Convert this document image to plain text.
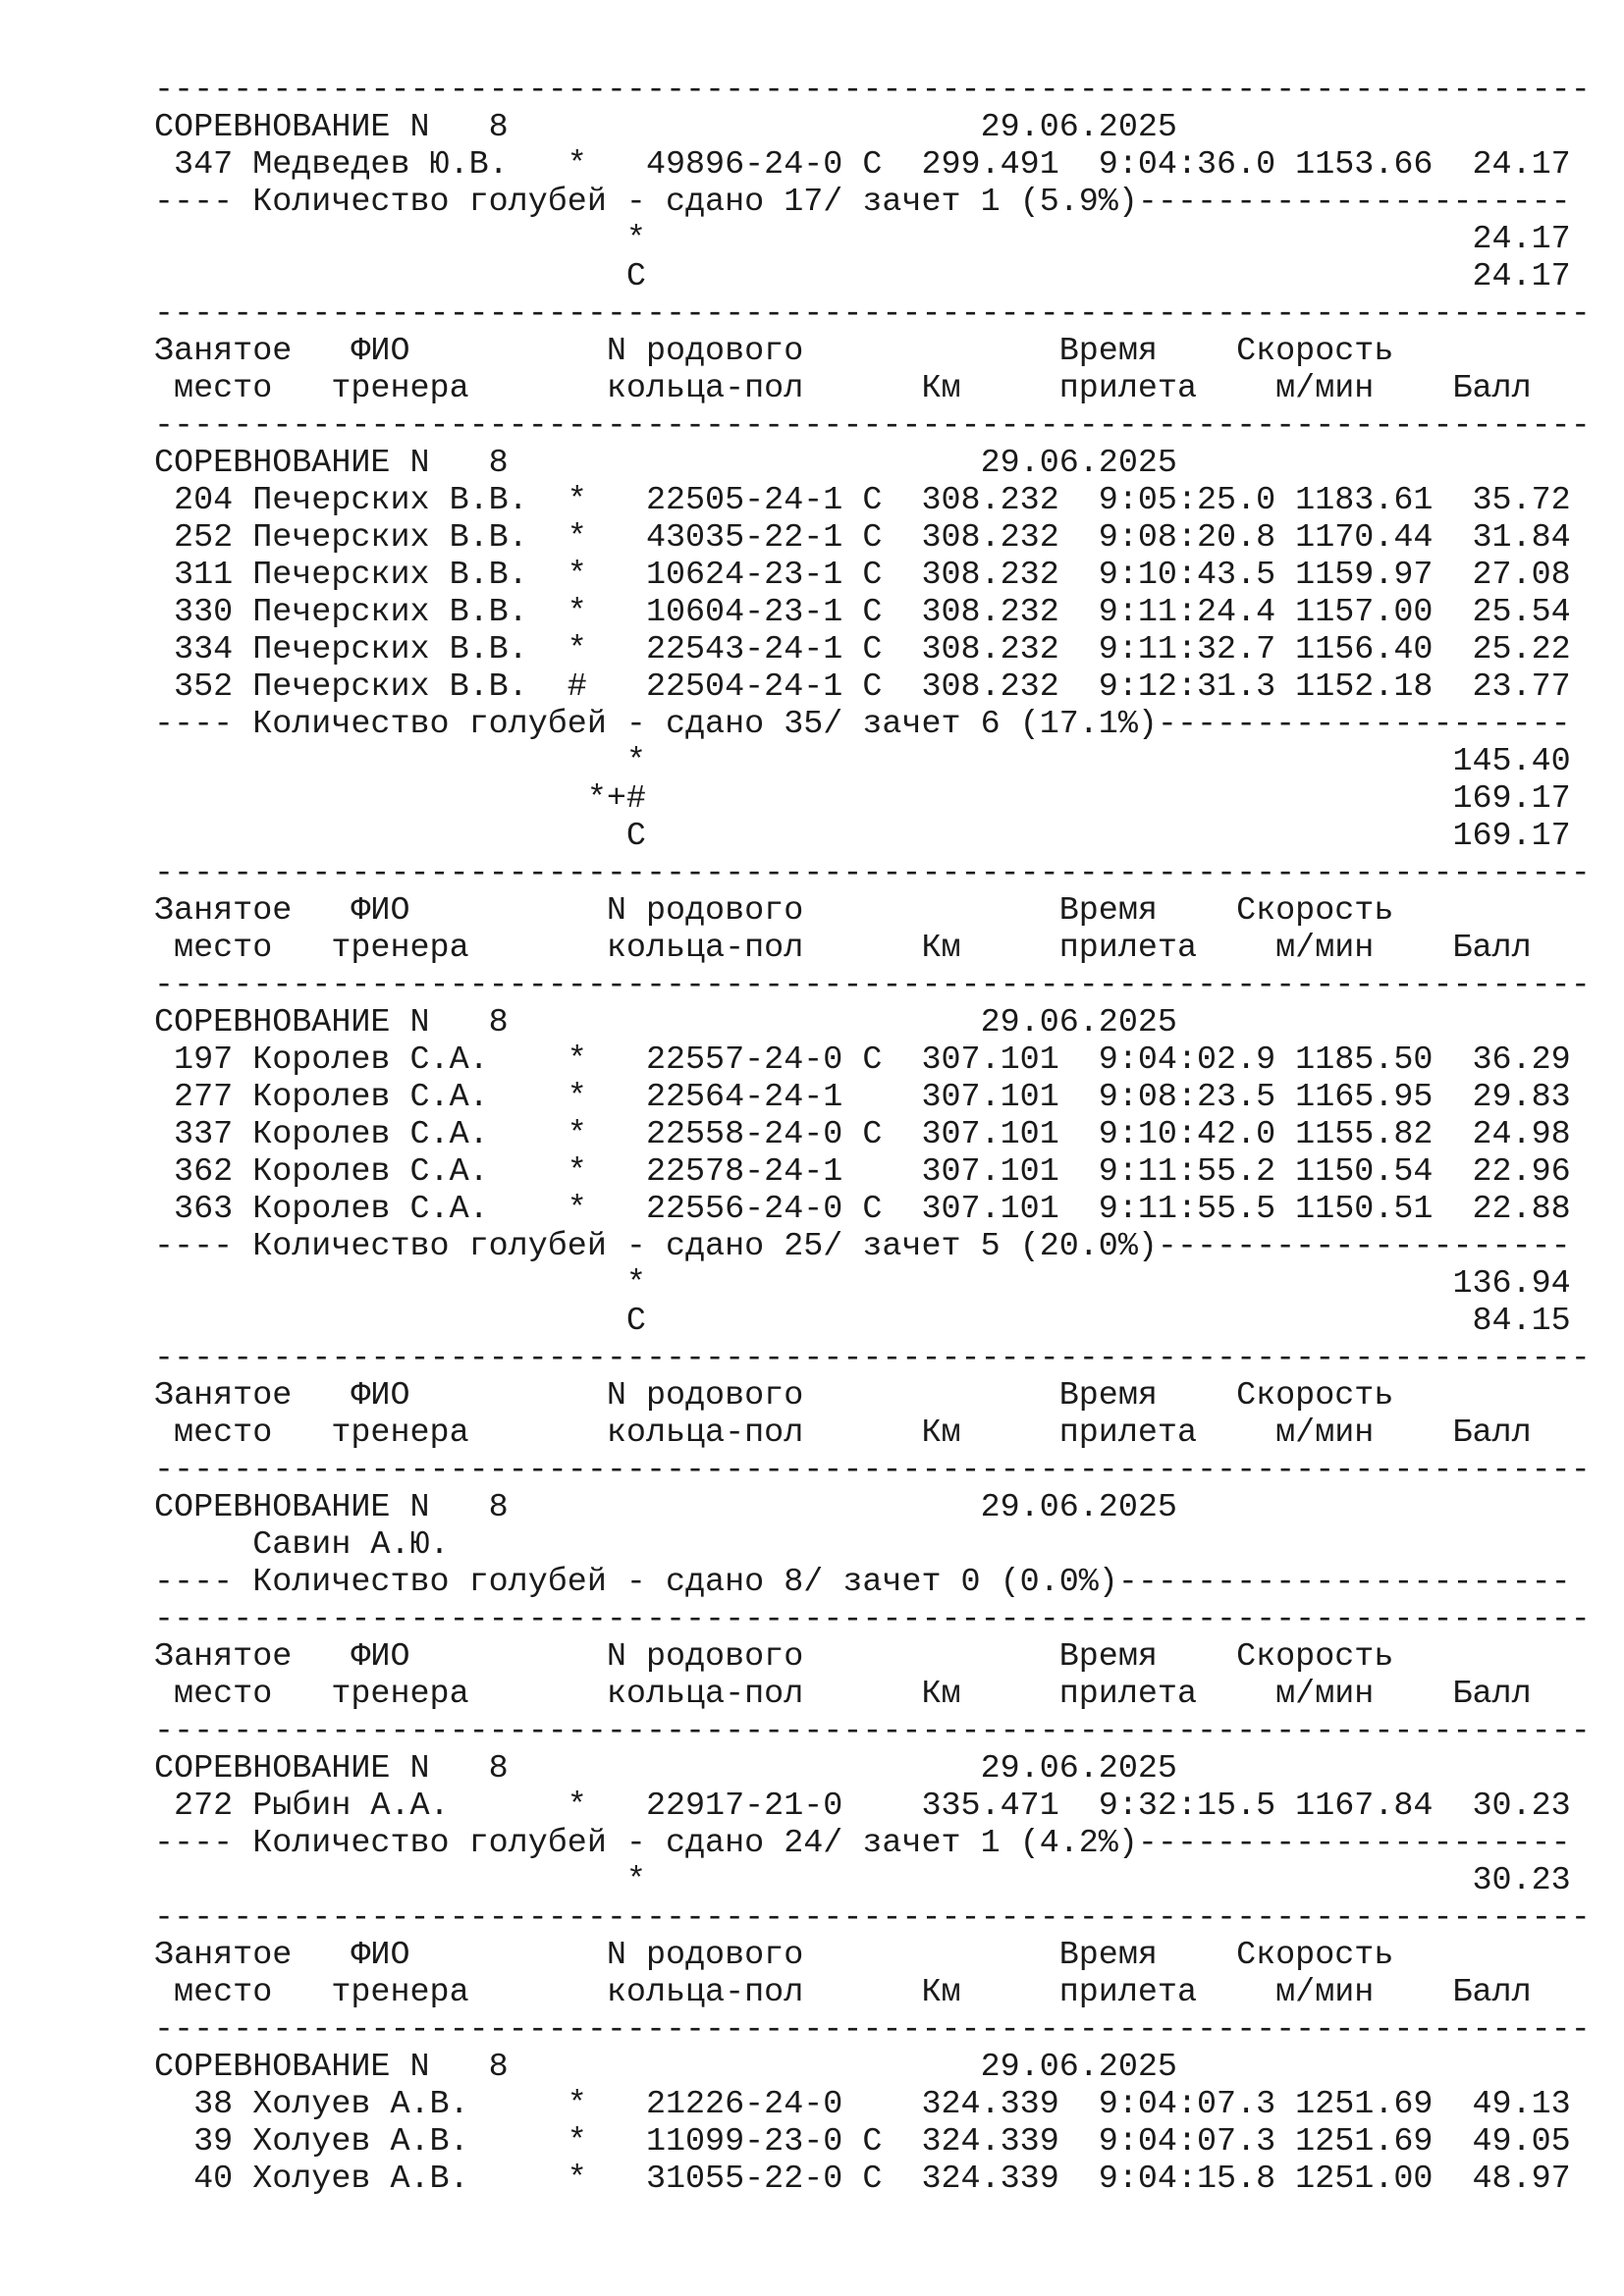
-------------------------------------------------------------------------
СОРЕВНОВАНИЕ N   8                        29.06.2025
347 Медведев Ю.В.   *   49896-24-0 C  299.491  9:04:36.0 1153.66  24.17
---- Количество голубей - сдано 17/ зачет 1 (5.9%)----------------------
*                                          24.17
C                                          24.17
-------------------------------------------------------------------------
Занятое   ФИО          N родового             Время    Скорость
место   тренера       кольца-пол      Км     прилета    м/мин    Балл
-------------------------------------------------------------------------
СОРЕВНОВАНИЕ N   8                        29.06.2025
204 Печерских В.В.  *   22505-24-1 C  308.232  9:05:25.0 1183.61  35.72
252 Печерских В.В.  *   43035-22-1 C  308.232  9:08:20.8 1170.44  31.84
311 Печерских В.В.  *   10624-23-1 C  308.232  9:10:43.5 1159.97  27.08
330 Печерских В.В.  *   10604-23-1 C  308.232  9:11:24.4 1157.00  25.54
334 Печерских В.В.  *   22543-24-1 C  308.232  9:11:32.7 1156.40  25.22
352 Печерских В.В.  #   22504-24-1 C  308.232  9:12:31.3 1152.18  23.77
---- Количество голубей - сдано 35/ зачет 6 (17.1%)---------------------
*                                         145.40
*+#                                         169.17
C                                         169.17
-------------------------------------------------------------------------
Занятое   ФИО          N родового             Время    Скорость
место   тренера       кольца-пол      Км     прилета    м/мин    Балл
-------------------------------------------------------------------------
СОРЕВНОВАНИЕ N   8                        29.06.2025
197 Королев С.А.    *   22557-24-0 C  307.101  9:04:02.9 1185.50  36.29
277 Королев С.А.    *   22564-24-1    307.101  9:08:23.5 1165.95  29.83
337 Королев С.А.    *   22558-24-0 C  307.101  9:10:42.0 1155.82  24.98
362 Королев С.А.    *   22578-24-1    307.101  9:11:55.2 1150.54  22.96
363 Королев С.А.    *   22556-24-0 C  307.101  9:11:55.5 1150.51  22.88
---- Количество голубей - сдано 25/ зачет 5 (20.0%)---------------------
*                                         136.94
C                                          84.15
-------------------------------------------------------------------------
Занятое   ФИО          N родового             Время    Скорость
место   тренера       кольца-пол      Км     прилета    м/мин    Балл
-------------------------------------------------------------------------
СОРЕВНОВАНИЕ N   8                        29.06.2025
Савин А.Ю.
---- Количество голубей - сдано 8/ зачет 0 (0.0%)-----------------------
-------------------------------------------------------------------------
Занятое   ФИО          N родового             Время    Скорость
место   тренера       кольца-пол      Км     прилета    м/мин    Балл
-------------------------------------------------------------------------
СОРЕВНОВАНИЕ N   8                        29.06.2025
272 Рыбин А.А.      *   22917-21-0    335.471  9:32:15.5 1167.84  30.23
---- Количество голубей - сдано 24/ зачет 1 (4.2%)----------------------
*                                          30.23
-------------------------------------------------------------------------
Занятое   ФИО          N родового             Время    Скорость
место   тренера       кольца-пол      Км     прилета    м/мин    Балл
-------------------------------------------------------------------------
СОРЕВНОВАНИЕ N   8                        29.06.2025
38 Холуев А.В.     *   21226-24-0    324.339  9:04:07.3 1251.69  49.13
39 Холуев А.В.     *   11099-23-0 C  324.339  9:04:07.3 1251.69  49.05
40 Холуев А.В.     *   31055-22-0 C  324.339  9:04:15.8 1251.00  48.97
